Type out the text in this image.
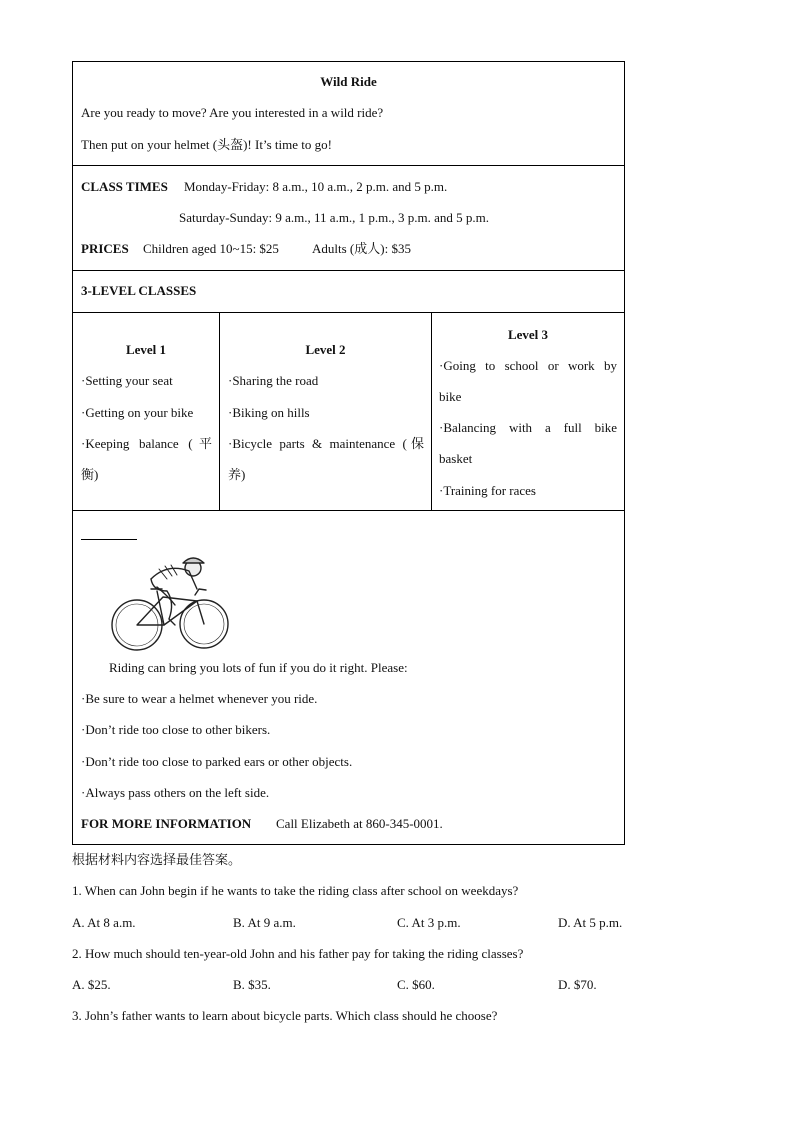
Wild Ride
Are you ready to move? Are you interested in a wild ride?
Then put on your helmet (头盔)! It’s time to go!
CLASS TIMES Monday-Friday: 8 a.m., 10 a.m., 2 p.m. and 5 p.m.
Saturday-Sunday: 9 a.m., 11 a.m., 1 p.m., 3 p.m. and 5 p.m.
PRICES Children aged 10~15: $25	Adults (成人): $35
3-LEVEL CLASSES
Level 1
·Setting your seat
·Getting on your bike
·Keeping balance (平
衡)
Level 2
·Sharing the road
·Biking on hills
·Bicycle parts & maintenance (保
养)
Level 3
·Going to school or work by
bike
·Balancing with a full bike
basket
·Training for races
Riding can bring you lots of fun if you do it right. Please:
·Be sure to wear a helmet whenever you ride.
·Don’t ride too close to other bikers.
·Don’t ride too close to parked ears or other objects.
·Always pass others on the left side.
FOR MORE INFORMATION Call Elizabeth at 860-345-0001.
根据材料内容选择最佳答案。
1. When can John begin if he wants to take the riding class after school on weekdays?
A. At 8 a.m.	B. At 9 a.m.	C. At 3 p.m.	D. At 5 p.m.
2. How much should ten-year-old John and his father pay for taking the riding classes?
A. $25.	B. $35.	C. $60.	D. $70.
3. John’s father wants to learn about bicycle parts. Which class should he choose?
